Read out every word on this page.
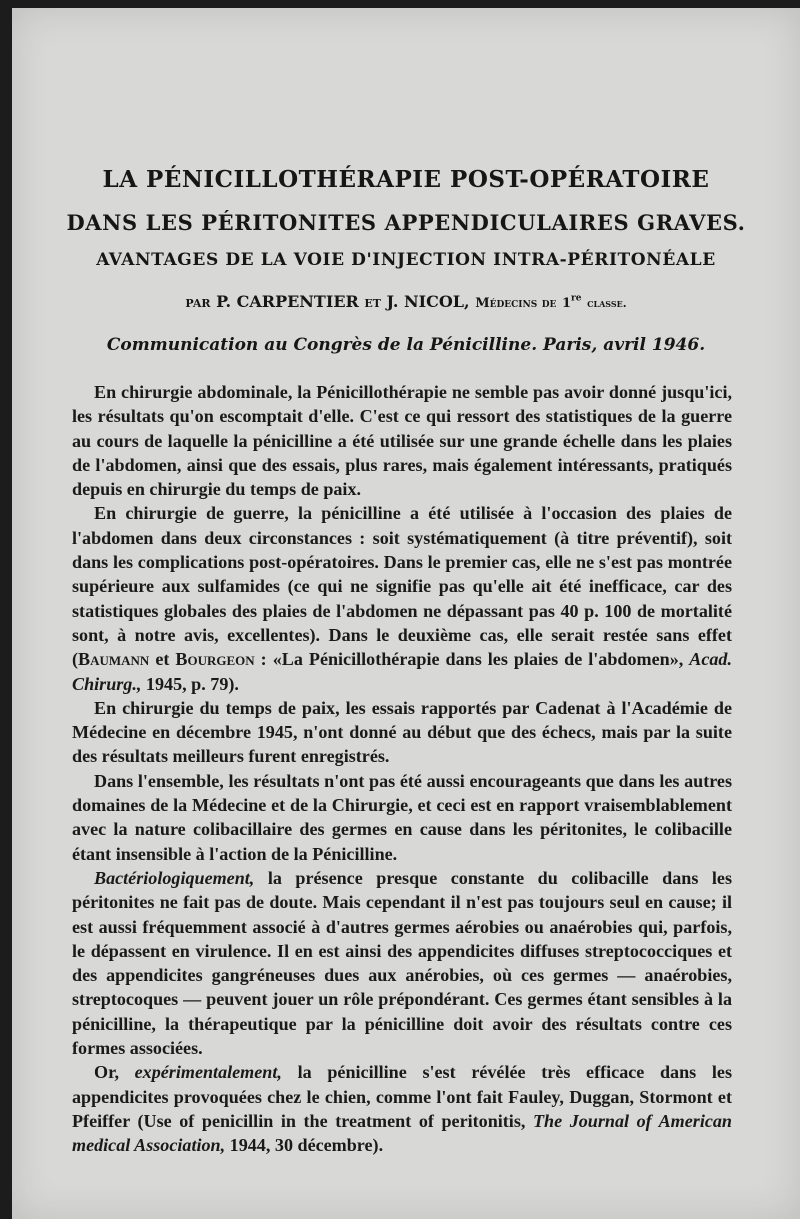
LA PÉNICILLOTHÉRAPIE POST-OPÉRATOIRE
DANS LES PÉRITONITES APPENDICULAIRES GRAVES.
AVANTAGES DE LA VOIE D'INJECTION INTRA-PÉRITONÉALE
PAR P. CARPENTIER ET J. NICOL, Médecins de 1re classe.
Communication au Congrès de la Pénicilline. Paris, avril 1946.

En chirurgie abdominale, la Pénicillothérapie ne semble pas avoir donné jusqu'ici, les résultats qu'on escomptait d'elle. C'est ce qui ressort des statistiques de la guerre au cours de laquelle la pénicilline a été utilisée sur une grande échelle dans les plaies de l'abdomen, ainsi que des essais, plus rares, mais également intéressants, pratiqués depuis en chirurgie du temps de paix.

En chirurgie de guerre, la pénicilline a été utilisée à l'occasion des plaies de l'abdomen dans deux circonstances : soit systématiquement (à titre préventif), soit dans les complications post-opératoires. Dans le premier cas, elle ne s'est pas montrée supérieure aux sulfamides (ce qui ne signifie pas qu'elle ait été inefficace, car des statistiques globales des plaies de l'abdomen ne dépassant pas 40 p. 100 de mortalité sont, à notre avis, excellentes). Dans le deuxième cas, elle serait restée sans effet (Baumann et Bourgeon : «La Pénicillothérapie dans les plaies de l'abdomen», Acad. Chirurg., 1945, p. 79).

En chirurgie du temps de paix, les essais rapportés par Cadenat à l'Académie de Médecine en décembre 1945, n'ont donné au début que des échecs, mais par la suite des résultats meilleurs furent enregistrés.

Dans l'ensemble, les résultats n'ont pas été aussi encourageants que dans les autres domaines de la Médecine et de la Chirurgie, et ceci est en rapport vraisemblablement avec la nature colibacillaire des germes en cause dans les péritonites, le colibacille étant insensible à l'action de la Pénicilline.

Bactériologiquement, la présence presque constante du colibacille dans les péritonites ne fait pas de doute. Mais cependant il n'est pas toujours seul en cause; il est aussi fréquemment associé à d'autres germes aérobies ou anaérobies qui, parfois, le dépassent en virulence. Il en est ainsi des appendicites diffuses streptococciques et des appendicites gangréneuses dues aux anérobies, où ces germes — anaérobies, streptocoques — peuvent jouer un rôle prépondérant. Ces germes étant sensibles à la pénicilline, la thérapeutique par la pénicilline doit avoir des résultats contre ces formes associées.

Or, expérimentalement, la pénicilline s'est révélée très efficace dans les appendicites provoquées chez le chien, comme l'ont fait Fauley, Duggan, Stormont et Pfeiffer (Use of penicillin in the treatment of peritonitis, The Journal of American medical Association, 1944, 30 décembre).
